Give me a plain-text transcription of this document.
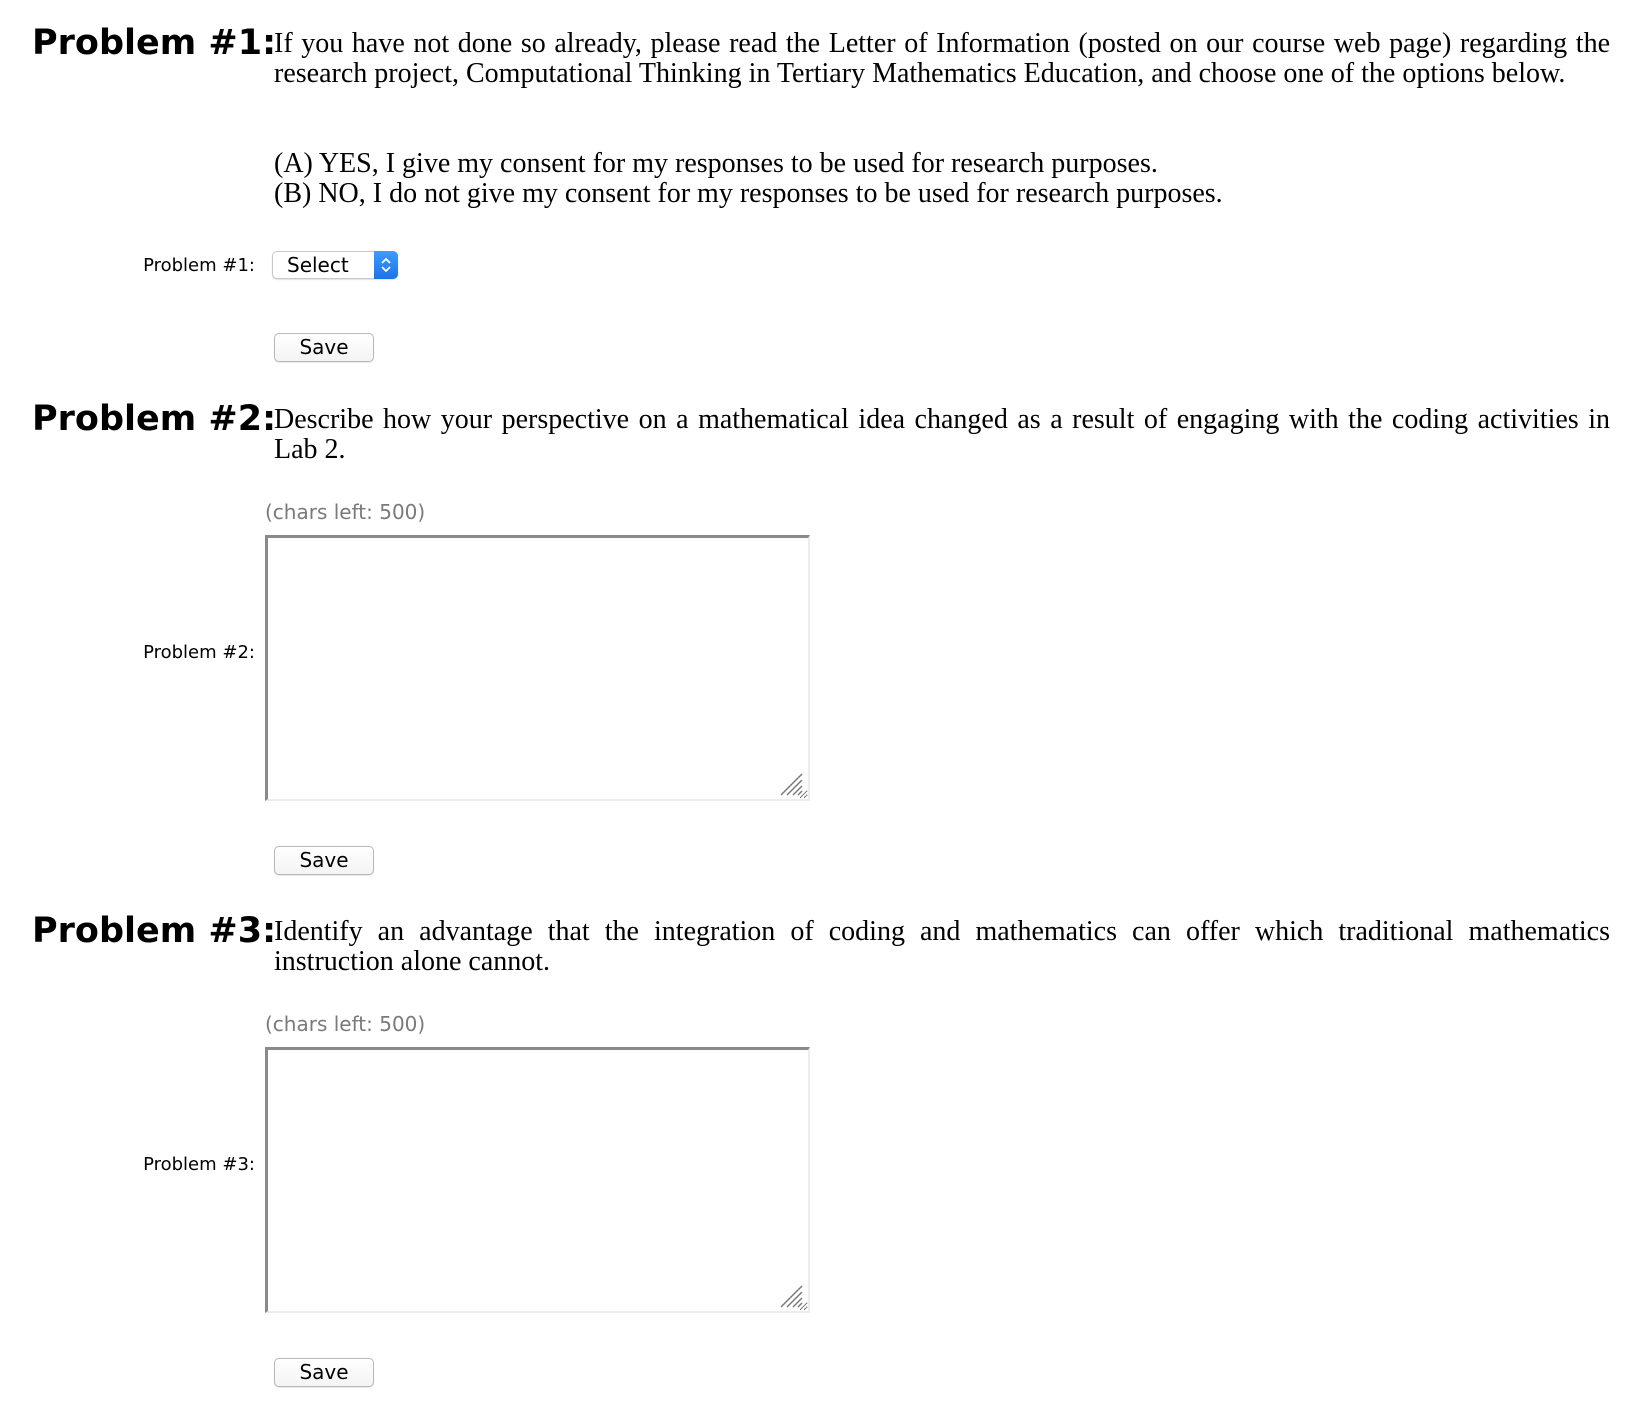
Problem #1:

If you have not done so already, please read the Letter of Information (posted on our course web page) regarding the research project, Computational Thinking in Tertiary Mathematics Education, and choose one of the options below.

(A) YES, I give my consent for my responses to be used for research purposes.
(B) NO, I do not give my consent for my responses to be used for research purposes.
Problem #1: Select
Save
Problem #2:

Describe how your perspective on a mathematical idea changed as a result of engaging with the coding activities in Lab 2.

(chars left: 500)
Problem #2:
Save
Problem #3:

Identify an advantage that the integration of coding and mathematics can offer which traditional mathematics instruction alone cannot.

(chars left: 500)
Problem #3:
Save
